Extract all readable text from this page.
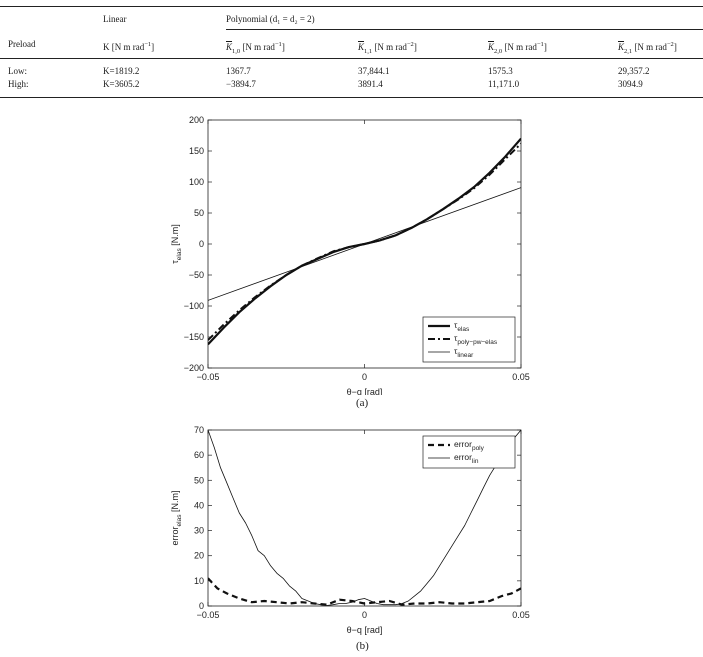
Linear	Polynomial (d₁ = d₂ = 2)
Preload	K [N m rad$^{-1}$]	$\overline{K}_{1,0}$ [N m rad$^{-1}$]	$\overline{K}_{1,1}$ [N m rad$^{-2}$]	$\overline{K}_{2,0}$ [N m rad$^{-1}$]	$\overline{K}_{2,1}$ [N m rad$^{-2}$]
Low:	K=1819.2	1367.7	37,844.1	1575.3	29,357.2
High:	K=3605.2	−3894.7	3891.4	11,171.0	3094.9
−200
−150
−100
−50
0
50
100
150
200
−0.05	0	0.05
θ−q [rad]
$\tau_{elas}$ [N.m]
$\tau_{elas}$
$\tau_{poly-pw-elas}$
$\tau_{linear}$
(a)
0
10
20
30
40
50
60
70
−0.05	0	0.05
θ−q [rad]
error$_{elas}$ [N.m]
error$_{poly}$
error$_{lin}$
(b)
